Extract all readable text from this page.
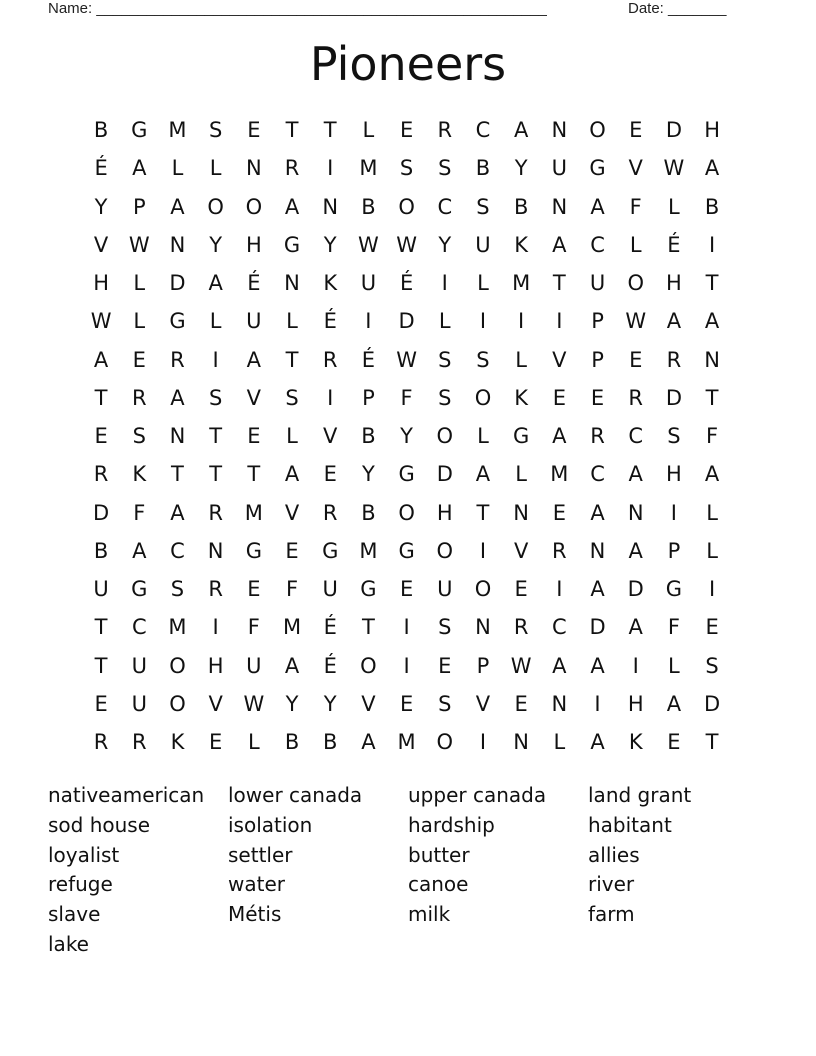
Name: ______________________________________________________	Date: _______
Pioneers
B	G M	S	E	T	T	L	E	R	C	A	N	O	E	D	H
É	A	L	L	N	R	I	M	S	S	B	Y	U	G	V W A
Y	P	A	O	O	A	N	B	O	C	S	B	N	A	F	L	B
V W N	Y	H	G	Y	W W	Y	U	K	A	C	L	É	I
H	L	D	A	É	N	K	U	É	I	L	M	T	U	O	H	T
W	L	G	L	U	L	É	I	D	L	I	I	I	P	W A	A
A	E	R	I	A	T	R	É	W	S	S	L	V	P	E	R	N
T	R	A	S	V	S	I	P	F	S	O	K	E	E	R	D	T
E	S	N	T	E	L	V	B	Y	O	L	G	A	R	C	S	F
R	K	T	T	T	A	E	Y	G	D	A	L	M	C	A	H	A
D	F	A	R	M	V	R	B	O	H	T	N	E	A	N	I	L
B	A	C	N	G	E	G M G	O	I	V	R	N	A	P	L
U	G	S	R	E	F	U	G	E	U	O	E	I	A	D	G	I
T	C	M	I	F	M	É	T	I	S	N	R	C	D	A	F	E
T	U	O	H	U	A	É	O	I	E	P	W A	A	I	L	S
E	U	O	V W	Y	Y	V	E	S	V	E	N	I	H	A	D
R	R	K	E	L	B	B	A	M O	I	N	L	A	K	E	T
nativeamerican	lower canada	upper canada	land grant
sod house	isolation	hardship	habitant
loyalist	settler	butter	allies
refuge	water	canoe	river
slave	Métis	milk	farm
lake
